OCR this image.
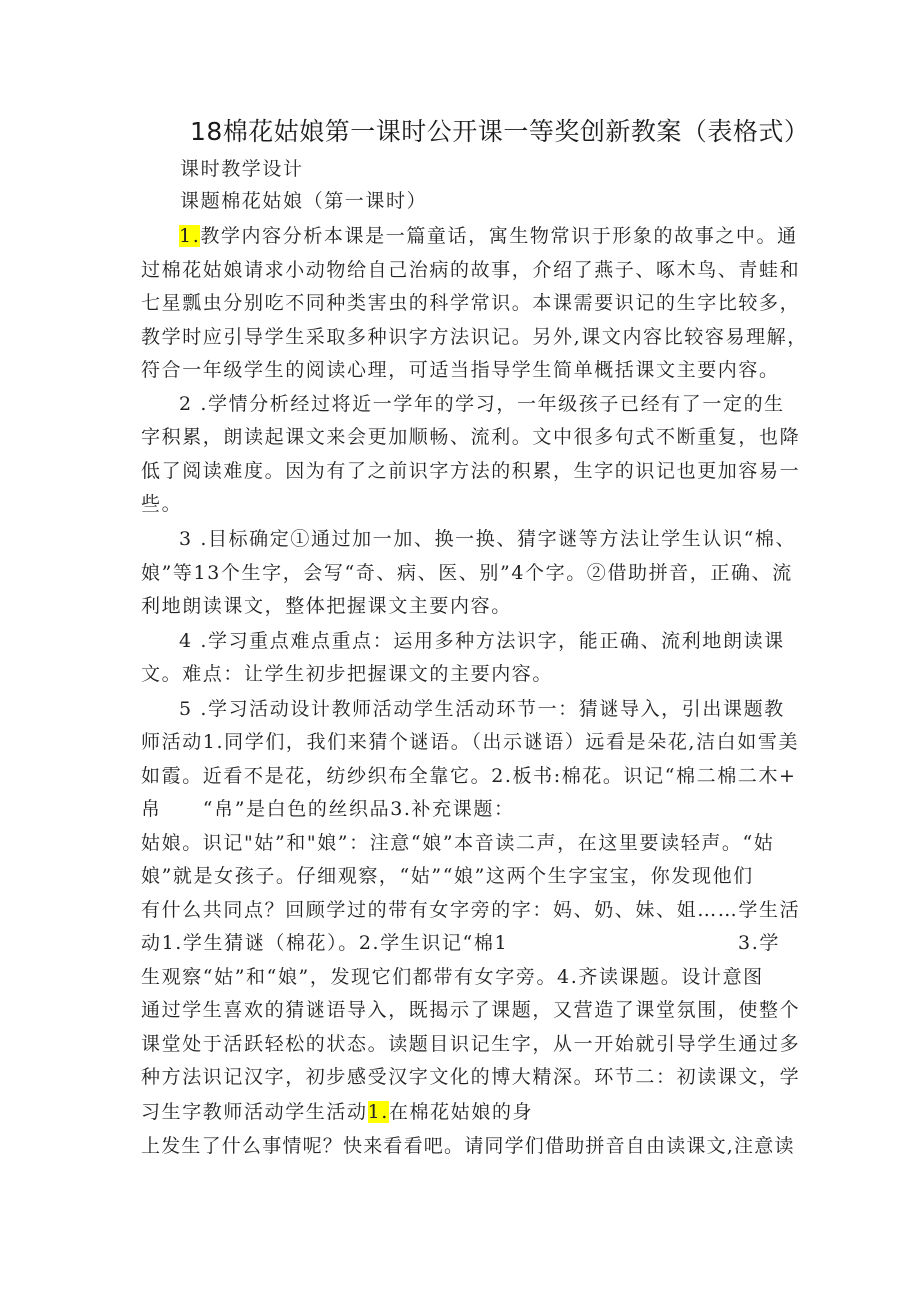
18棉花姑娘第一课时公开课一等奖创新教案（表格式）
课时教学设计
课题棉花姑娘（第一课时）
1.教学内容分析本课是一篇童话，寓生物常识于形象的故事之中。通
过棉花姑娘请求小动物给自己治病的故事，介绍了燕子、啄木鸟、青蛙和
七星瓢虫分别吃不同种类害虫的科学常识。本课需要识记的生字比较多，
教学时应引导学生采取多种识字方法识记。另外,课文内容比较容易理解，
符合一年级学生的阅读心理，可适当指导学生简单概括课文主要内容。
2 .学情分析经过将近一学年的学习，一年级孩子已经有了一定的生
字积累，朗读起课文来会更加顺畅、流利。文中很多句式不断重复，也降
低了阅读难度。因为有了之前识字方法的积累，生字的识记也更加容易一
些。
3 .目标确定①通过加一加、换一换、猜字谜等方法让学生认识“棉、
娘”等13个生字，会写“奇、病、医、别”4个字。②借助拼音，正确、流
利地朗读课文，整体把握课文主要内容。
4 .学习重点难点重点：运用多种方法识字，能正确、流利地朗读课
文。难点：让学生初步把握课文的主要内容。
5 .学习活动设计教师活动学生活动环节一：猜谜导入，引出课题教
师活动1.同学们，我们来猜个谜语。（出示谜语）远看是朵花,洁白如雪美
如霞。近看不是花，纺纱织布全靠它。2.板书:棉花。识记“棉二棉二木+
帛　　“帛”是白色的丝织品3.补充课题：
姑娘。识记"姑”和"娘”：注意“娘”本音读二声，在这里要读轻声。“姑
娘”就是女孩子。仔细观察，“姑”“娘”这两个生字宝宝，你发现他们
有什么共同点？回顾学过的带有女字旁的字：妈、奶、妹、姐……学生活
动1.学生猜谜（棉花）。2.学生识记“棉1	3.学
生观察“姑”和“娘”，发现它们都带有女字旁。4.齐读课题。设计意图
通过学生喜欢的猜谜语导入，既揭示了课题，又营造了课堂氛围，使整个
课堂处于活跃轻松的状态。读题目识记生字，从一开始就引导学生通过多
种方法识记汉字，初步感受汉字文化的博大精深。环节二：初读课文，学
习生字教师活动学生活动1.在棉花姑娘的身
上发生了什么事情呢？快来看看吧。请同学们借助拼音自由读课文,注意读
